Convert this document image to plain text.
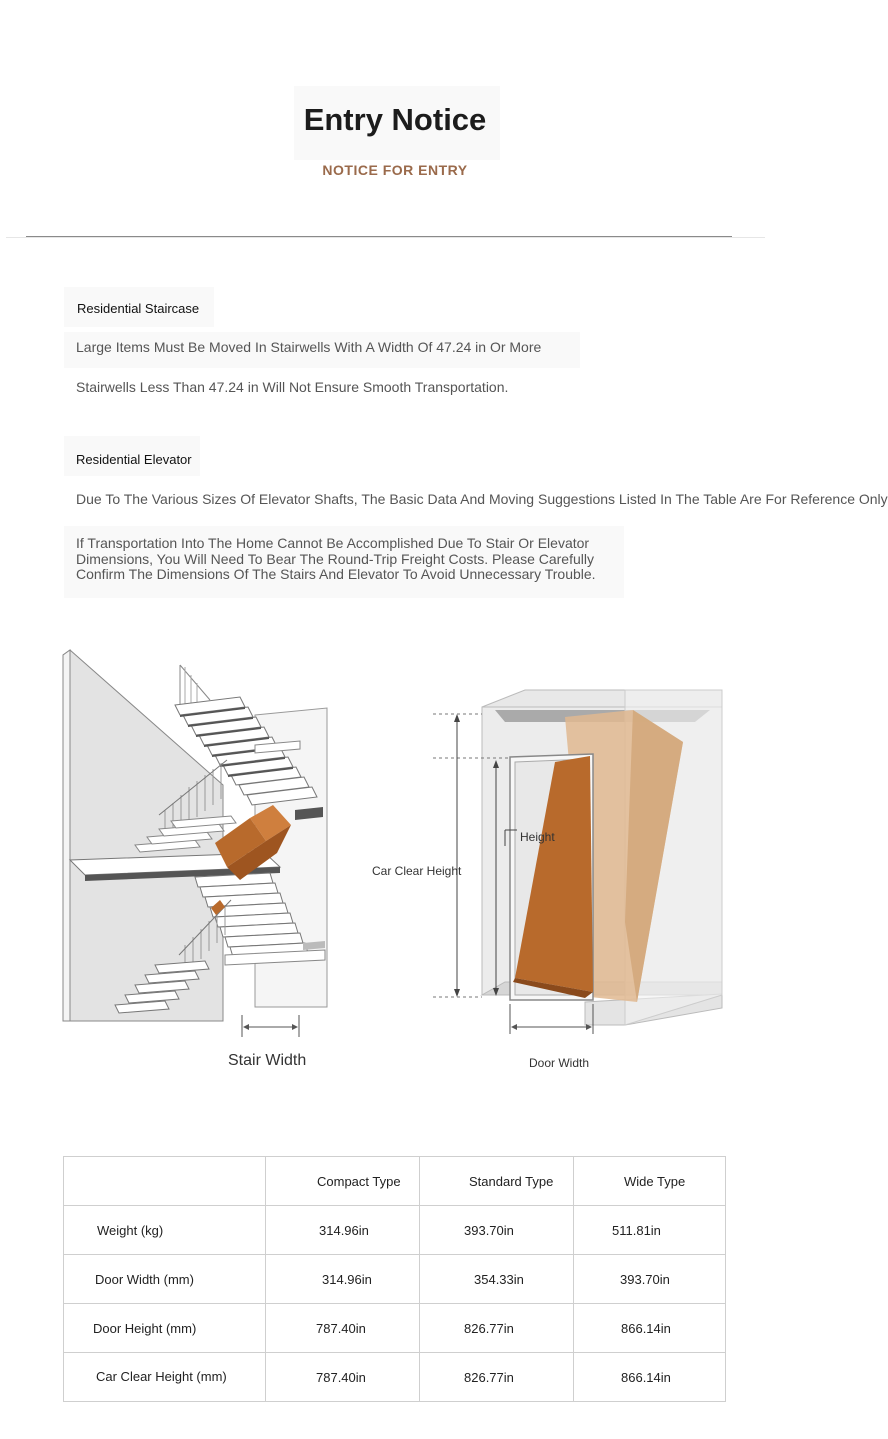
Entry Notice
NOTICE FOR ENTRY
Residential Staircase
Large Items Must Be Moved In Stairwells With A Width Of 47.24 in Or More
Stairwells Less Than 47.24 in Will Not Ensure Smooth Transportation.
Residential Elevator
Due To The Various Sizes Of Elevator Shafts, The Basic Data And Moving Suggestions Listed In The Table Are For Reference Only
If Transportation Into The Home Cannot Be Accomplished Due To Stair Or Elevator Dimensions, You Will Need To Bear The Round-Trip Freight Costs. Please Carefully Confirm The Dimensions Of The Stairs And Elevator To Avoid Unnecessary Trouble.
Stair Width
Car Clear Height
Height
Door Width
	Compact Type	Standard Type	Wide Type
Weight (kg)	314.96in	393.70in	511.81in
Door Width (mm)	314.96in	354.33in	393.70in
Door Height (mm)	787.40in	826.77in	866.14in
Car Clear Height (mm)	787.40in	826.77in	866.14in
